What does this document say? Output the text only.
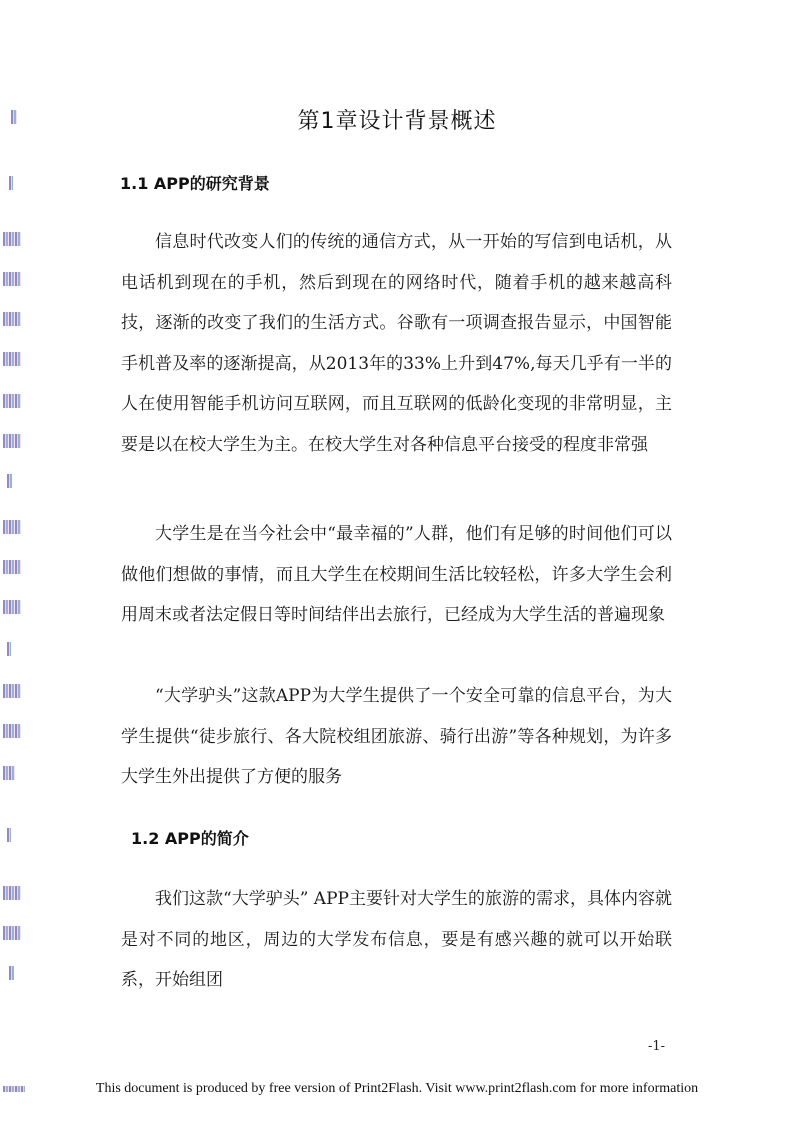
第1章设计背景概述
1.1 APP的研究背景

信息时代改变人们的传统的通信方式，从一开始的写信到电话机，从电话机到现在的手机，然后到现在的网络时代，随着手机的越来越高科技，逐渐的改变了我们的生活方式。谷歌有一项调查报告显示，中国智能手机普及率的逐渐提高，从2013年的33%上升到47%,每天几乎有一半的人在使用智能手机访问互联网，而且互联网的低龄化变现的非常明显，主要是以在校大学生为主。在校大学生对各种信息平台接受的程度非常强

大学生是在当今社会中“最幸福的”人群，他们有足够的时间他们可以做他们想做的事情，而且大学生在校期间生活比较轻松，许多大学生会利用周末或者法定假日等时间结伴出去旅行，已经成为大学生活的普遍现象

“大学驴头”这款APP为大学生提供了一个安全可靠的信息平台，为大学生提供“徒步旅行、各大院校组团旅游、骑行出游”等各种规划，为许多大学生外出提供了方便的服务

1.2 APP的简介

我们这款“大学驴头” APP主要针对大学生的旅游的需求，具体内容就是对不同的地区，周边的大学发布信息，要是有感兴趣的就可以开始联系，开始组团

-1-
This document is produced by free version of Print2Flash. Visit www.print2flash.com for more information
